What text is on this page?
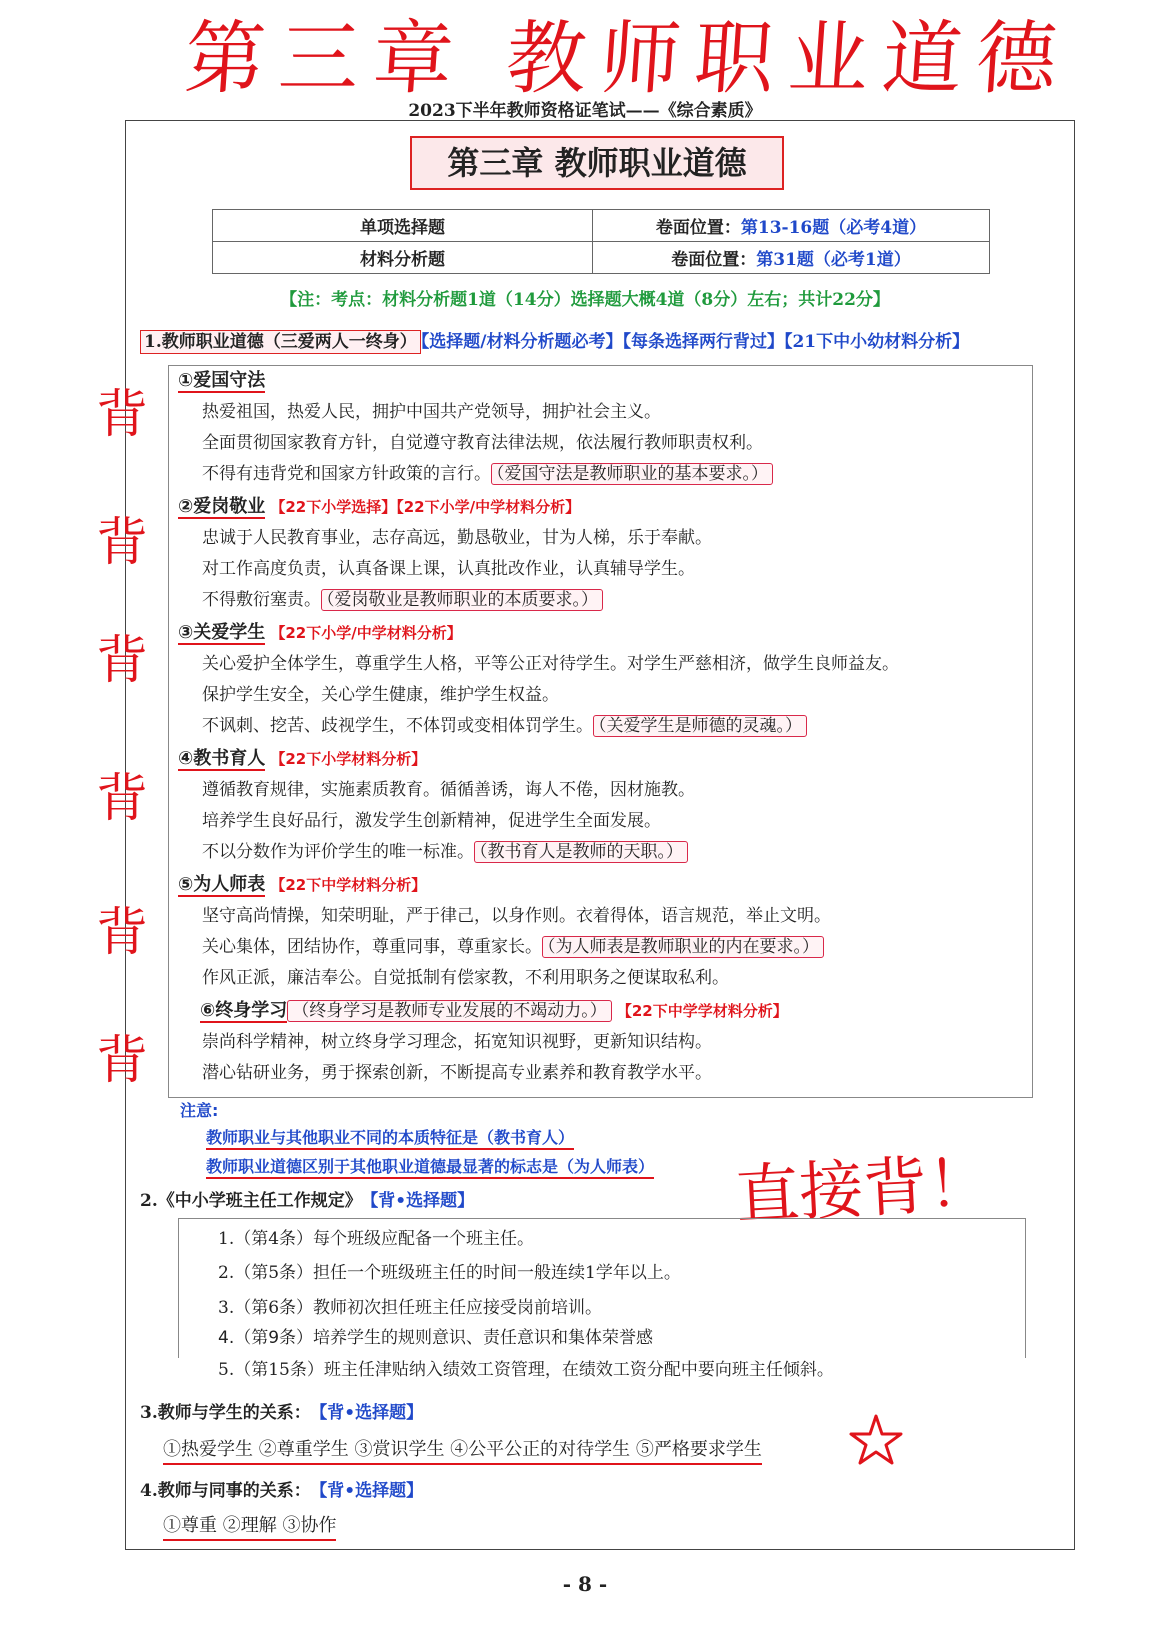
第三章 教师职业道德
2023下半年教师资格证笔试——《综合素质》
第三章 教师职业道德
单项选择题	卷面位置：第13-16题（必考4道）
材料分析题	卷面位置：第31题（必考1道）
【注：考点：材料分析题1道（14分）选择题大概4道（8分）左右；共计22分】
1.教师职业道德（三爱两人一终身） 【选择题/材料分析题必考】【每条选择两行背过】【21下中小幼材料分析】
①爱国守法
热爱祖国，热爱人民，拥护中国共产党领导，拥护社会主义。
全面贯彻国家教育方针，自觉遵守教育法律法规，依法履行教师职责权利。
不得有违背党和国家方针政策的言行。 （爱国守法是教师职业的基本要求。）
②爱岗敬业 【22下小学选择】【22下小学/中学材料分析】
忠诚于人民教育事业，志存高远，勤恳敬业，甘为人梯，乐于奉献。
对工作高度负责，认真备课上课，认真批改作业，认真辅导学生。
不得敷衍塞责。 （爱岗敬业是教师职业的本质要求。）
③关爱学生 【22下小学/中学材料分析】
关心爱护全体学生，尊重学生人格，平等公正对待学生。对学生严慈相济，做学生良师益友。
保护学生安全，关心学生健康，维护学生权益。
不讽刺、挖苦、歧视学生，不体罚或变相体罚学生。 （关爱学生是师德的灵魂。）
④教书育人 【22下小学材料分析】
遵循教育规律，实施素质教育。循循善诱，诲人不倦，因材施教。
培养学生良好品行，激发学生创新精神，促进学生全面发展。
不以分数作为评价学生的唯一标准。 （教书育人是教师的天职。）
⑤为人师表 【22下中学材料分析】
坚守高尚情操，知荣明耻，严于律己，以身作则。衣着得体，语言规范，举止文明。
关心集体，团结协作，尊重同事，尊重家长。 （为人师表是教师职业的内在要求。）
作风正派，廉洁奉公。自觉抵制有偿家教，不利用职务之便谋取私利。
⑥终身学习 （终身学习是教师专业发展的不竭动力。） 【22下中学学材料分析】
崇尚科学精神，树立终身学习理念，拓宽知识视野，更新知识结构。
潜心钻研业务，勇于探索创新，不断提高专业素养和教育教学水平。
注意:
教师职业与其他职业不同的本质特征是（教书育人）
教师职业道德区别于其他职业道德最显著的标志是（为人师表）
背
背
背
背
背
背
直接背！
2.《中小学班主任工作规定》 【背•选择题】
1.（第4条）每个班级应配备一个班主任。
2.（第5条）担任一个班级班主任的时间一般连续1学年以上。
3.（第6条）教师初次担任班主任应接受岗前培训。
4.（第9条）培养学生的规则意识、责任意识和集体荣誉感
5.（第15条）班主任津贴纳入绩效工资管理，在绩效工资分配中要向班主任倾斜。
3.教师与学生的关系： 【背•选择题】
①热爱学生 ②尊重学生 ③赏识学生 ④公平公正的对待学生 ⑤严格要求学生
4.教师与同事的关系： 【背•选择题】
①尊重 ②理解 ③协作
- 8 -
